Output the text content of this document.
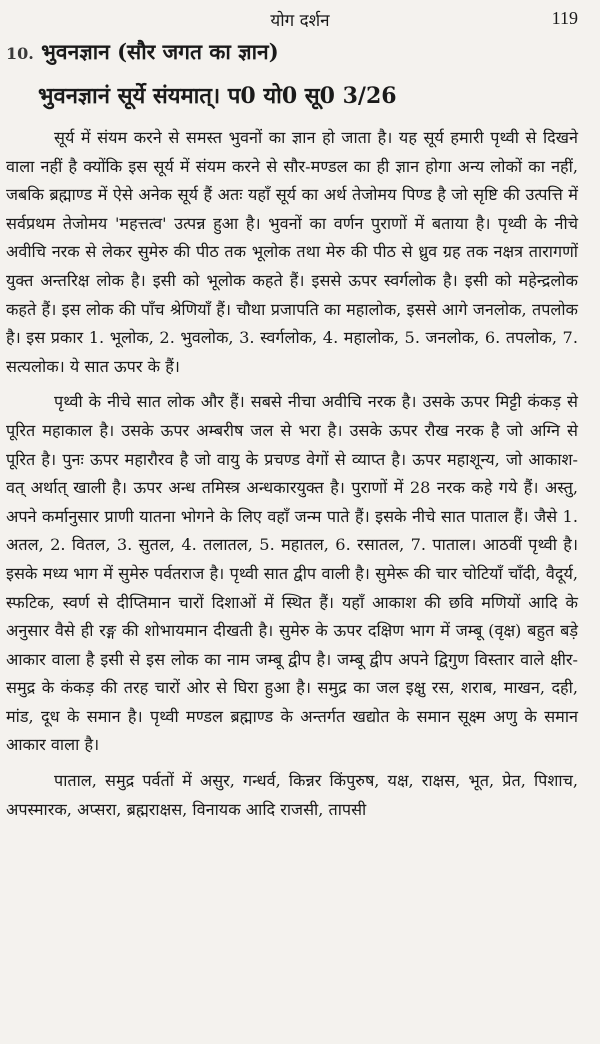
योग दर्शन	119
10. भुवनज्ञान (सौर जगत का ज्ञान)
भुवनज्ञानं सूर्ये संयमात्। प0 यो0 सू0 3/26

सूर्य में संयम करने से समस्त भुवनों का ज्ञान हो जाता है। यह सूर्य हमारी पृथ्वी से दिखने वाला नहीं है क्योंकि इस सूर्य में संयम करने से सौर-मण्डल का ही ज्ञान होगा अन्य लोकों का नहीं, जबकि ब्रह्माण्ड में ऐसे अनेक सूर्य हैं अतः यहाँ सूर्य का अर्थ तेजोमय पिण्ड है जो सृष्टि की उत्पत्ति में सर्वप्रथम तेजोमय 'महत्तत्व' उत्पन्न हुआ है। भुवनों का वर्णन पुराणों में बताया है। पृथ्वी के नीचे अवीचि नरक से लेकर सुमेरु की पीठ तक भूलोक तथा मेरु की पीठ से ध्रुव ग्रह तक नक्षत्र तारागणों युक्त अन्तरिक्ष लोक है। इसी को भूलोक कहते हैं। इससे ऊपर स्वर्गलोक है। इसी को महेन्द्रलोक कहते हैं। इस लोक की पाँच श्रेणियाँ हैं। चौथा प्रजापति का महालोक, इससे आगे जनलोक, तपलोक है। इस प्रकार 1. भूलोक, 2. भुवलोक, 3. स्वर्गलोक, 4. महालोक, 5. जनलोक, 6. तपलोक, 7. सत्यलोक। ये सात ऊपर के हैं।

पृथ्वी के नीचे सात लोक और हैं। सबसे नीचा अवीचि नरक है। उसके ऊपर मिट्टी कंकड़ से पूरित महाकाल है। उसके ऊपर अम्बरीष जल से भरा है। उसके ऊपर रौख नरक है जो अग्नि से पूरित है। पुनः ऊपर महारौरव है जो वायु के प्रचण्ड वेगों से व्याप्त है। ऊपर महाशून्य, जो आकाश-वत् अर्थात् खाली है। ऊपर अन्ध तमिस्त्र अन्धकारयुक्त है। पुराणों में 28 नरक कहे गये हैं। अस्तु, अपने कर्मानुसार प्राणी यातना भोगने के लिए वहाँ जन्म पाते हैं। इसके नीचे सात पाताल हैं। जैसे 1. अतल, 2. वितल, 3. सुतल, 4. तलातल, 5. महातल, 6. रसातल, 7. पाताल। आठवीं पृथ्वी है। इसके मध्य भाग में सुमेरु पर्वतराज है। पृथ्वी सात द्वीप वाली है। सुमेरू की चार चोटियाँ चाँदी, वैदूर्य, स्फटिक, स्वर्ण से दीप्तिमान चारों दिशाओं में स्थित हैं। यहाँ आकाश की छवि मणियों आदि के अनुसार वैसे ही रङ्ग की शोभायमान दीखती है। सुमेरु के ऊपर दक्षिण भाग में जम्बू (वृक्ष) बहुत बड़े आकार वाला है इसी से इस लोक का नाम जम्बू द्वीप है। जम्बू द्वीप अपने द्विगुण विस्तार वाले क्षीर-समुद्र के कंकड़ की तरह चारों ओर से घिरा हुआ है। समुद्र का जल इक्षु रस, शराब, माखन, दही, मांड, दूध के समान है। पृथ्वी मण्डल ब्रह्माण्ड के अन्तर्गत खद्योत के समान सूक्ष्म अणु के समान आकार वाला है।

पाताल, समुद्र पर्वतों में असुर, गन्धर्व, किन्नर किंपुरुष, यक्ष, राक्षस, भूत, प्रेत, पिशाच, अपस्मारक, अप्सरा, ब्रह्मराक्षस, विनायक आदि राजसी, तापसी
